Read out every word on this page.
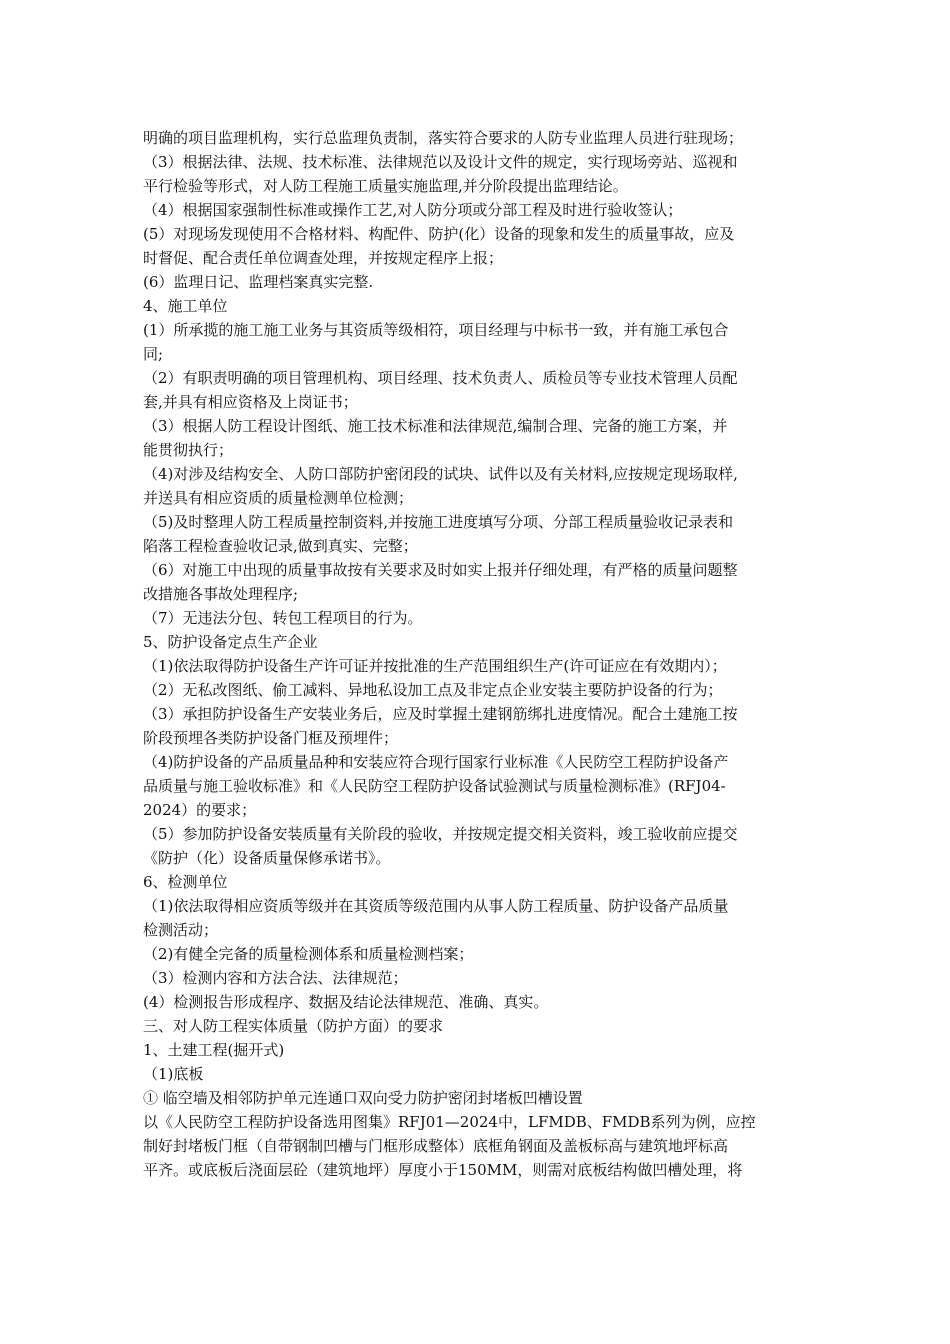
明确的项目监理机构，实行总监理负责制，落实符合要求的人防专业监理人员进行驻现场；

（3）根据法律、法规、技术标准、法律规范以及设计文件的规定，实行现场旁站、巡视和

平行检验等形式，对人防工程施工质量实施监理,并分阶段提出监理结论。

（4）根据国家强制性标准或操作工艺,对人防分项或分部工程及时进行验收签认；

(5）对现场发现使用不合格材料、构配件、防护(化）设备的现象和发生的质量事故，应及

时督促、配合责任单位调查处理，并按规定程序上报；

(6）监理日记、监理档案真实完整.

4、施工单位

(1）所承揽的施工施工业务与其资质等级相符，项目经理与中标书一致，并有施工承包合

同;

（2）有职责明确的项目管理机构、项目经理、技术负责人、质检员等专业技术管理人员配

套,并具有相应资格及上岗证书；

（3）根据人防工程设计图纸、施工技术标准和法律规范,编制合理、完备的施工方案，并

能贯彻执行；

（4)对涉及结构安全、人防口部防护密闭段的试块、试件以及有关材料,应按规定现场取样,

并送具有相应资质的质量检测单位检测；

（5)及时整理人防工程质量控制资料,并按施工进度填写分项、分部工程质量验收记录表和

陷落工程检查验收记录,做到真实、完整；

（6）对施工中出现的质量事故按有关要求及时如实上报并仔细处理，有严格的质量问题整

改措施各事故处理程序;

（7）无违法分包、转包工程项目的行为。

5、防护设备定点生产企业

（1)依法取得防护设备生产许可证并按批准的生产范围组织生产(许可证应在有效期内）；

（2）无私改图纸、偷工减料、异地私设加工点及非定点企业安装主要防护设备的行为；

（3）承担防护设备生产安装业务后，应及时掌握土建钢筋绑扎进度情况。配合土建施工按

阶段预埋各类防护设备门框及预埋件；

（4)防护设备的产品质量品种和安装应符合现行国家行业标准《人民防空工程防护设备产

品质量与施工验收标准》和《人民防空工程防护设备试验测试与质量检测标准》(RFJ04-

2024）的要求；

（5）参加防护设备安装质量有关阶段的验收，并按规定提交相关资料，竣工验收前应提交

《防护（化）设备质量保修承诺书》。

6、检测单位

（1)依法取得相应资质等级并在其资质等级范围内从事人防工程质量、防护设备产品质量

检测活动；

（2)有健全完备的质量检测体系和质量检测档案；

（3）检测内容和方法合法、法律规范；

(4）检测报告形成程序、数据及结论法律规范、准确、真实。

三、对人防工程实体质量（防护方面）的要求

1、土建工程(掘开式)

（1)底板

① 临空墙及相邻防护单元连通口双向受力防护密闭封堵板凹槽设置

以《人民防空工程防护设备选用图集》RFJ01—2024中，LFMDB、FMDB系列为例，应控

制好封堵板门框（自带钢制凹槽与门框形成整体）底框角钢面及盖板标高与建筑地坪标高

平齐。或底板后浇面层砼（建筑地坪）厚度小于150MM，则需对底板结构做凹槽处理，将
